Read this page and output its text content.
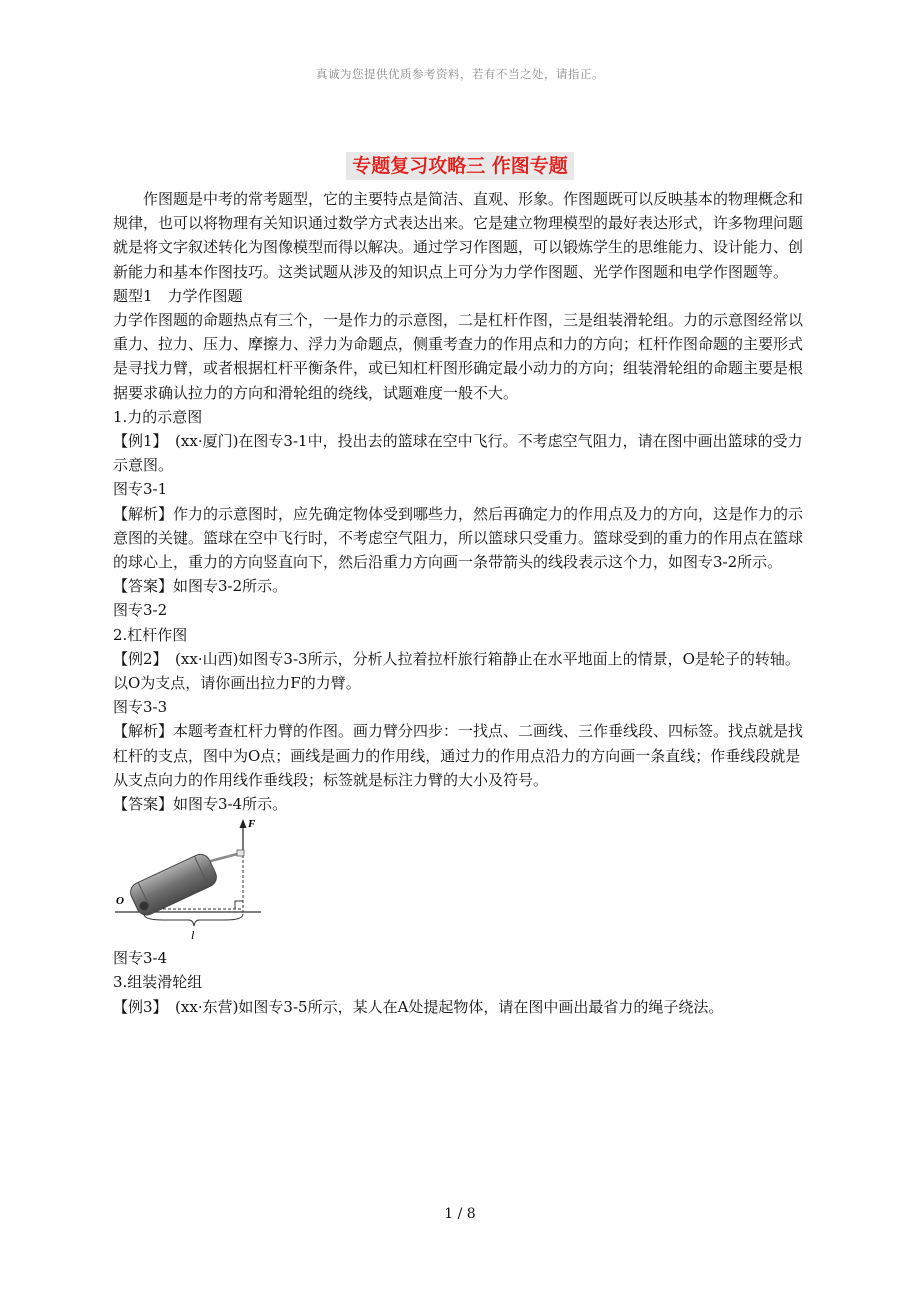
真诚为您提供优质参考资料，若有不当之处，请指正。
专题复习攻略三 作图专题

作图题是中考的常考题型，它的主要特点是简洁、直观、形象。作图题既可以反映基本的物理概念和规律，也可以将物理有关知识通过数学方式表达出来。它是建立物理模型的最好表达形式，许多物理问题就是将文字叙述转化为图像模型而得以解决。通过学习作图题，可以锻炼学生的思维能力、设计能力、创新能力和基本作图技巧。这类试题从涉及的知识点上可分为力学作图题、光学作图题和电学作图题等。

题型1　力学作图题

力学作图题的命题热点有三个，一是作力的示意图，二是杠杆作图，三是组装滑轮组。力的示意图经常以重力、拉力、压力、摩擦力、浮力为命题点，侧重考查力的作用点和力的方向；杠杆作图命题的主要形式是寻找力臂，或者根据杠杆平衡条件，或已知杠杆图形确定最小动力的方向；组装滑轮组的命题主要是根据要求确认拉力的方向和滑轮组的绕线，试题难度一般不大。

1.力的示意图

【例1】　(xx·厦门)在图专3-1中，投出去的篮球在空中飞行。不考虑空气阻力，请在图中画出篮球的受力示意图。

图专3-1

【解析】作力的示意图时，应先确定物体受到哪些力，然后再确定力的作用点及力的方向，这是作力的示意图的关键。篮球在空中飞行时，不考虑空气阻力，所以篮球只受重力。篮球受到的重力的作用点在篮球的球心上，重力的方向竖直向下，然后沿重力方向画一条带箭头的线段表示这个力，如图专3-2所示。

【答案】如图专3-2所示。

图专3-2

2.杠杆作图

【例2】　(xx·山西)如图专3-3所示，分析人拉着拉杆旅行箱静止在水平地面上的情景，O是轮子的转轴。以O为支点，请你画出拉力F的力臂。

图专3-3

【解析】本题考查杠杆力臂的作图。画力臂分四步：一找点、二画线、三作垂线段、四标签。找点就是找杠杆的支点，图中为O点；画线是画力的作用线，通过力的作用点沿力的方向画一条直线；作垂线段就是从支点向力的作用线作垂线段；标签就是标注力臂的大小及符号。

【答案】如图专3-4所示。

O
F
l

图专3-4

3.组装滑轮组

【例3】　(xx·东营)如图专3-5所示，某人在A处提起物体，请在图中画出最省力的绳子绕法。

1 / 8
